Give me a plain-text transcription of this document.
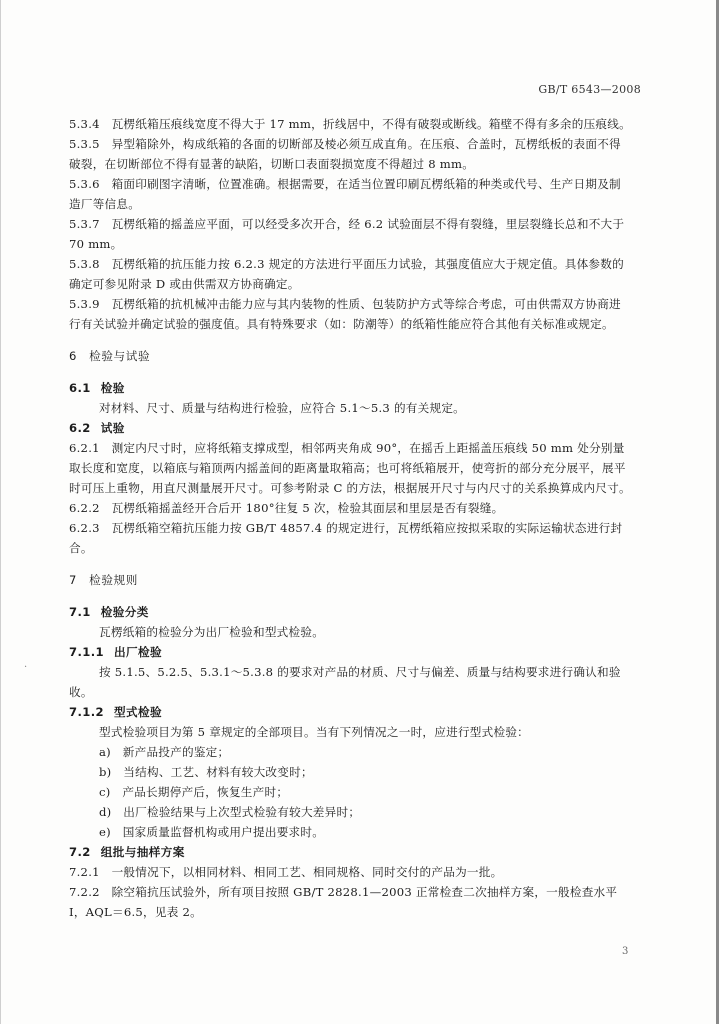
GB/T 6543—2008

5.3.4　瓦楞纸箱压痕线宽度不得大于 17 mm，折线居中，不得有破裂或断线。箱壁不得有多余的压痕线。

5.3.5　异型箱除外，构成纸箱的各面的切断部及棱必须互成直角。在压痕、合盖时，瓦楞纸板的表面不得破裂，在切断部位不得有显著的缺陷，切断口表面裂损宽度不得超过 8 mm。

5.3.6　箱面印刷图字清晰，位置准确。根据需要，在适当位置印刷瓦楞纸箱的种类或代号、生产日期及制造厂等信息。

5.3.7　瓦楞纸箱的摇盖应平面，可以经受多次开合，经 6.2 试验面层不得有裂缝，里层裂缝长总和不大于 70 mm。

5.3.8　瓦楞纸箱的抗压能力按 6.2.3 规定的方法进行平面压力试验，其强度值应大于规定值。具体参数的确定可参见附录 D 或由供需双方协商确定。

5.3.9　瓦楞纸箱的抗机械冲击能力应与其内装物的性质、包装防护方式等综合考虑，可由供需双方协商进行有关试验并确定试验的强度值。具有特殊要求（如：防潮等）的纸箱性能应符合其他有关标准或规定。

6　检验与试验

6.1 检验

对材料、尺寸、质量与结构进行检验，应符合 5.1～5.3 的有关规定。

6.2 试验

6.2.1　测定内尺寸时，应将纸箱支撑成型，相邻两夹角成 90°，在摇舌上距摇盖压痕线 50 mm 处分别量取长度和宽度，以箱底与箱顶两内摇盖间的距离量取箱高；也可将纸箱展开，使弯折的部分充分展平，展平时可压上重物，用直尺测量展开尺寸。可参考附录 C 的方法，根据展开尺寸与内尺寸的关系换算成内尺寸。

6.2.2　瓦楞纸箱摇盖经开合后开 180°往复 5 次，检验其面层和里层是否有裂缝。

6.2.3　瓦楞纸箱空箱抗压能力按 GB/T 4857.4 的规定进行，瓦楞纸箱应按拟采取的实际运输状态进行封合。

7　检验规则

7.1 检验分类

瓦楞纸箱的检验分为出厂检验和型式检验。

7.1.1 出厂检验

按 5.1.5、5.2.5、5.3.1～5.3.8 的要求对产品的材质、尺寸与偏差、质量与结构要求进行确认和验收。

7.1.2 型式检验

型式检验项目为第 5 章规定的全部项目。当有下列情况之一时，应进行型式检验：

a)　新产品投产的鉴定；

b)　当结构、工艺、材料有较大改变时；

c)　产品长期停产后，恢复生产时；

d)　出厂检验结果与上次型式检验有较大差异时；

e)　国家质量监督机构或用户提出要求时。

7.2 组批与抽样方案

7.2.1　一般情况下，以相同材料、相同工艺、相同规格、同时交付的产品为一批。

7.2.2　除空箱抗压试验外，所有项目按照 GB/T 2828.1—2003 正常检查二次抽样方案，一般检查水平Ⅰ，AQL＝6.5，见表 2。

·
3
